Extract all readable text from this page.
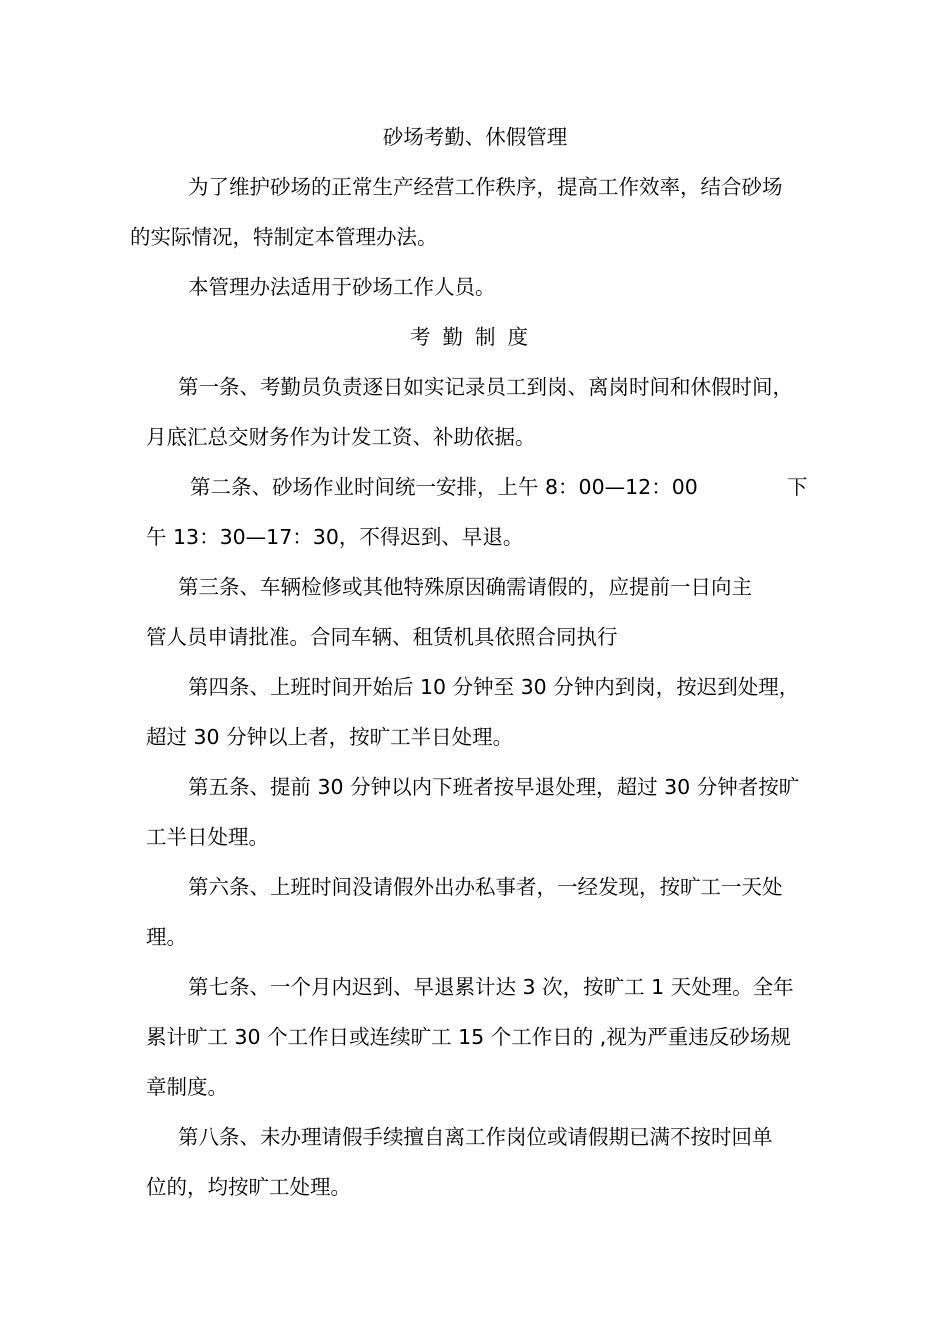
砂场考勤、休假管理
为了维护砂场的正常生产经营工作秩序，提高工作效率，结合砂场
的实际情况，特制定本管理办法。
本管理办法适用于砂场工作人员。
考勤制度
第一条、考勤员负责逐日如实记录员工到岗、离岗时间和休假时间，
月底汇总交财务作为计发工资、补助依据。
第二条、砂场作业时间统一安排，上午 8：00—12：00	下
午 13：30—17：30，不得迟到、早退。
第三条、车辆检修或其他特殊原因确需请假的，应提前一日向主
管人员申请批准。合同车辆、租赁机具依照合同执行
第四条、上班时间开始后 10 分钟至 30 分钟内到岗，按迟到处理，
超过 30 分钟以上者，按旷工半日处理。
第五条、提前 30 分钟以内下班者按早退处理，超过 30 分钟者按旷
工半日处理。
第六条、上班时间没请假外出办私事者，一经发现，按旷工一天处
理。
第七条、一个月内迟到、早退累计达 3 次，按旷工 1 天处理。全年
累计旷工 30 个工作日或连续旷工 15 个工作日的 ,视为严重违反砂场规
章制度。
第八条、未办理请假手续擅自离工作岗位或请假期已满不按时回单
位的，均按旷工处理。
